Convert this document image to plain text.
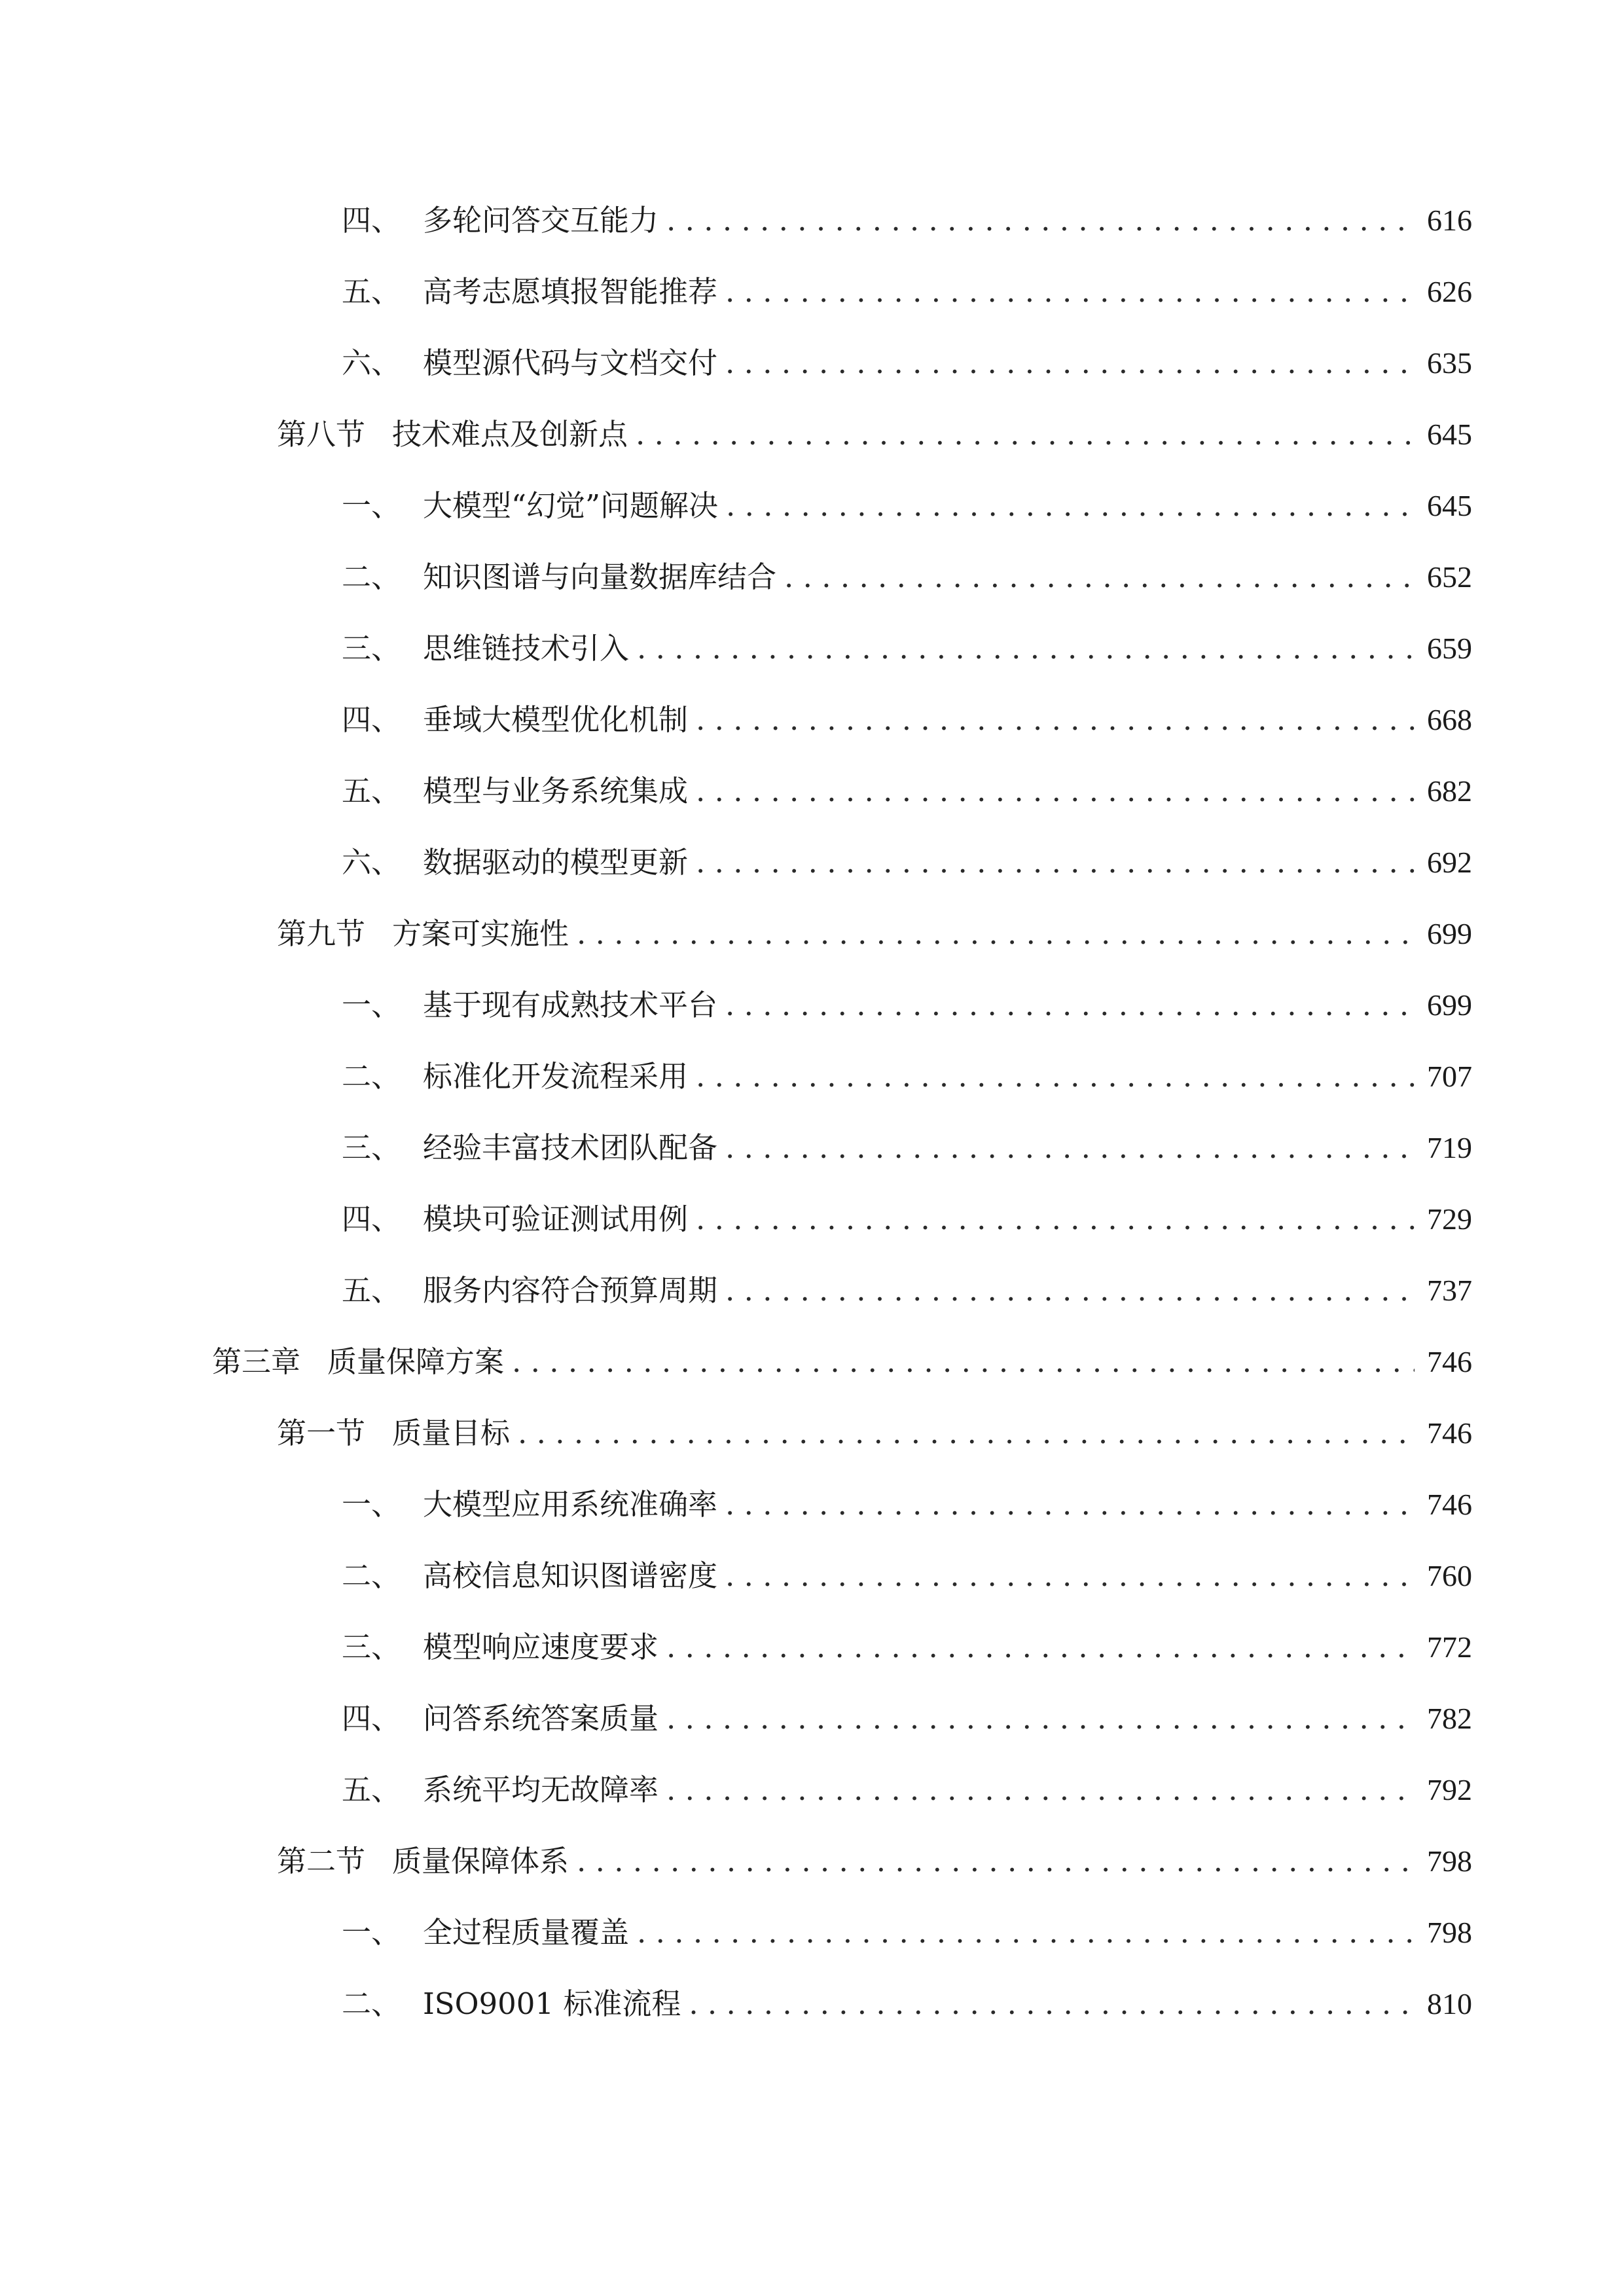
四、 多轮问答交互能力 . . .	616
五、 高考志愿填报智能推荐 . . .	626
六、 模型源代码与文档交付 . . .	635
第八节 技术难点及创新点 . . .	645
一、 大模型“幻觉”问题解决 . . .	645
二、 知识图谱与向量数据库结合 . . .	652
三、 思维链技术引入 . . .	659
四、 垂域大模型优化机制 . . .	668
五、 模型与业务系统集成 . . .	682
六、 数据驱动的模型更新 . . .	692
第九节 方案可实施性 . . .	699
一、 基于现有成熟技术平台 . . .	699
二、 标准化开发流程采用 . . .	707
三、 经验丰富技术团队配备 . . .	719
四、 模块可验证测试用例 . . .	729
五、 服务内容符合预算周期 . . .	737
第三章 质量保障方案 . . .	746
第一节 质量目标 . . .	746
一、 大模型应用系统准确率 . . .	746
二、 高校信息知识图谱密度 . . .	760
三、 模型响应速度要求 . . .	772
四、 问答系统答案质量 . . .	782
五、 系统平均无故障率 . . .	792
第二节 质量保障体系 . . .	798
一、 全过程质量覆盖 . . .	798
二、 ISO9001 标准流程 . . .	810
